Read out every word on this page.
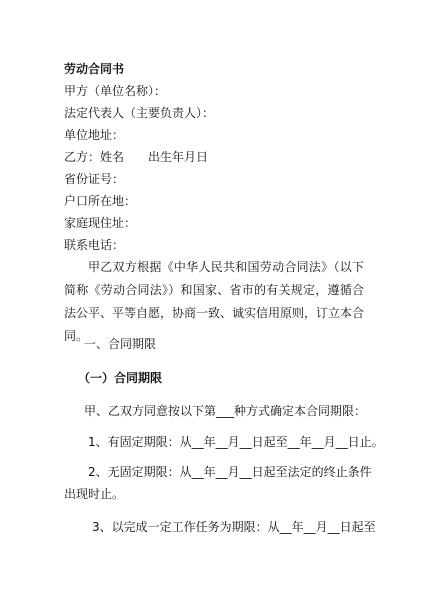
劳动合同书
甲方（单位名称）：
法定代表人（主要负责人）：
单位地址：
乙方：姓名　　出生年月日
省份证号：
户口所在地：
家庭现住址：
联系电话：
甲乙双方根据《中华人民共和国劳动合同法》（以下简称《劳动合同法》）和国家、省市的有关规定，遵循合法公平、平等自愿，协商一致、诚实信用原则，订立本合同。
一、合同期限
（一）合同期限
甲、乙双方同意按以下第___种方式确定本合同期限：
1、有固定期限：从__年__月__日起至__年__月__日止。
2、无固定期限：从__年__月__日起至法定的终止条件
出现时止。
3、以完成一定工作任务为期限：从__年__月__日起至
